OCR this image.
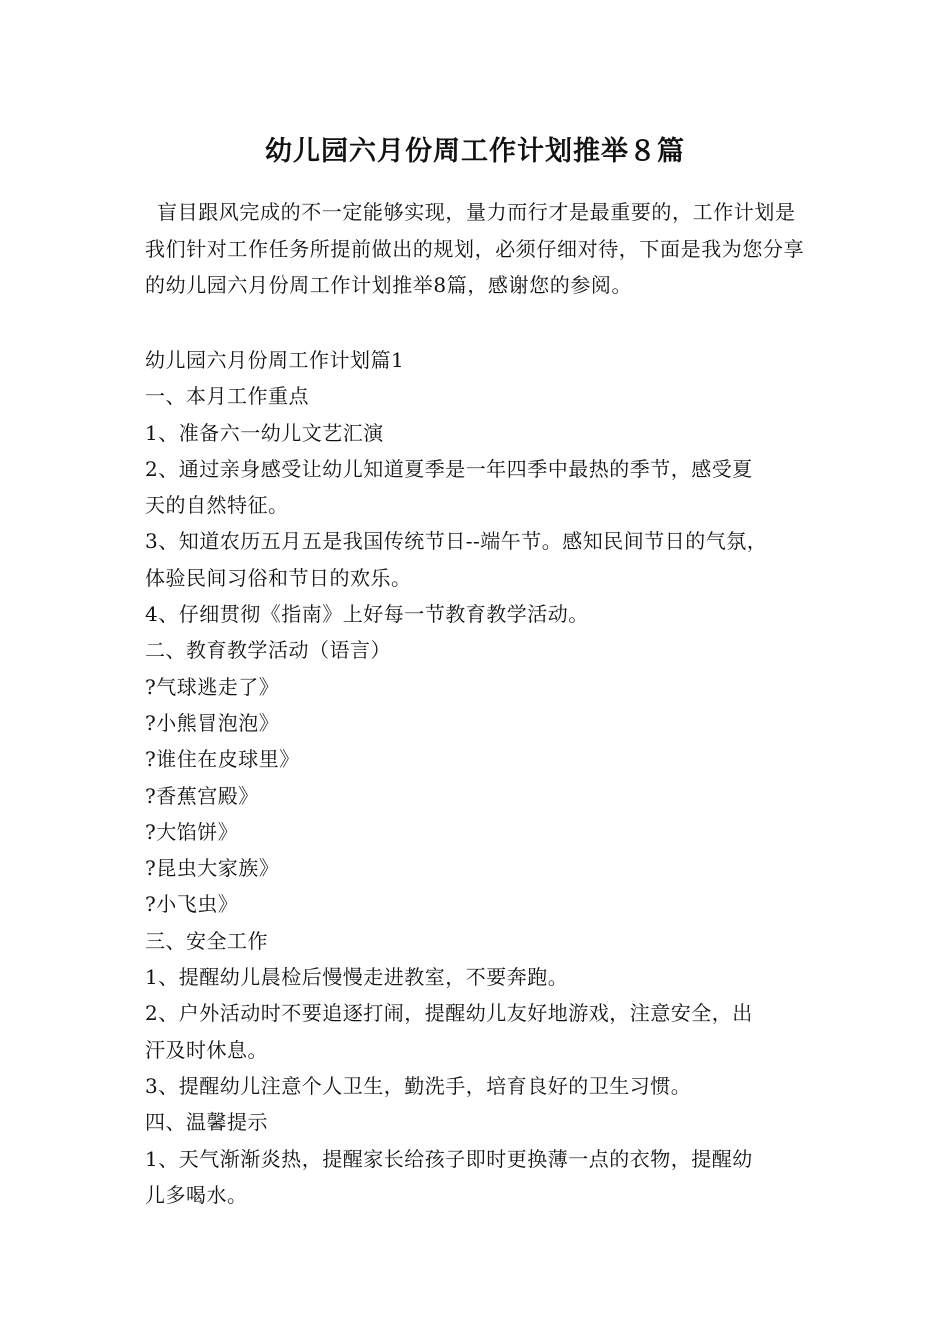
幼儿园六月份周工作计划推举８篇

盲目跟风完成的不一定能够实现，量力而行才是最重要的，工作计划是我们针对工作任务所提前做出的规划，必须仔细对待，下面是我为您分享的幼儿园六月份周工作计划推举8篇，感谢您的参阅。

幼儿园六月份周工作计划篇1

一、本月工作重点

1、准备六一幼儿文艺汇演

2、通过亲身感受让幼儿知道夏季是一年四季中最热的季节，感受夏

天的自然特征。

3、知道农历五月五是我国传统节日--端午节。感知民间节日的气氛，

体验民间习俗和节日的欢乐。

4、仔细贯彻《指南》上好每一节教育教学活动。

二、教育教学活动（语言）

?气球逃走了》

?小熊冒泡泡》

?谁住在皮球里》

?香蕉宫殿》

?大馅饼》

?昆虫大家族》

?小飞虫》

三、安全工作

1、提醒幼儿晨检后慢慢走进教室，不要奔跑。

2、户外活动时不要追逐打闹，提醒幼儿友好地游戏，注意安全，出

汗及时休息。

3、提醒幼儿注意个人卫生，勤洗手，培育良好的卫生习惯。

四、温馨提示

1、天气渐渐炎热，提醒家长给孩子即时更换薄一点的衣物，提醒幼

儿多喝水。
